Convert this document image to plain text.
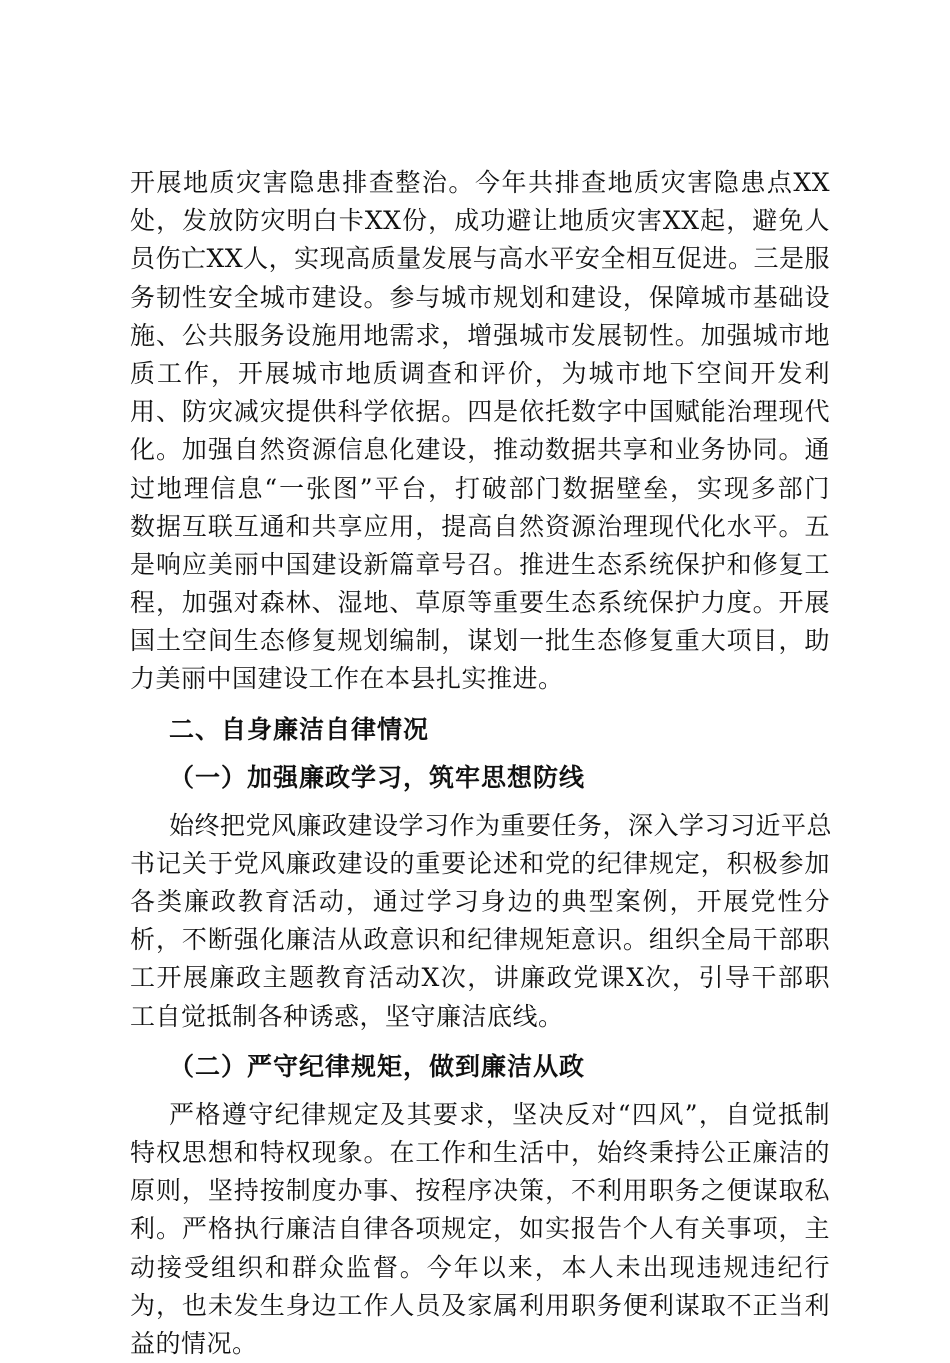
开展地质灾害隐患排查整治。今年共排查地质灾害隐患点XX
处，发放防灾明白卡XX份，成功避让地质灾害XX起，避免人
员伤亡XX人，实现高质量发展与高水平安全相互促进。三是服
务韧性安全城市建设。参与城市规划和建设，保障城市基础设
施、公共服务设施用地需求，增强城市发展韧性。加强城市地
质工作，开展城市地质调查和评价，为城市地下空间开发利
用、防灾减灾提供科学依据。四是依托数字中国赋能治理现代
化。加强自然资源信息化建设，推动数据共享和业务协同。通
过地理信息“一张图”平台，打破部门数据壁垒，实现多部门
数据互联互通和共享应用，提高自然资源治理现代化水平。五
是响应美丽中国建设新篇章号召。推进生态系统保护和修复工
程，加强对森林、湿地、草原等重要生态系统保护力度。开展
国土空间生态修复规划编制，谋划一批生态修复重大项目，助
力美丽中国建设工作在本县扎实推进。
二、自身廉洁自律情况
（一）加强廉政学习，筑牢思想防线
始终把党风廉政建设学习作为重要任务，深入学习习近平总
书记关于党风廉政建设的重要论述和党的纪律规定，积极参加
各类廉政教育活动，通过学习身边的典型案例，开展党性分
析，不断强化廉洁从政意识和纪律规矩意识。组织全局干部职
工开展廉政主题教育活动X次，讲廉政党课X次，引导干部职
工自觉抵制各种诱惑，坚守廉洁底线。
（二）严守纪律规矩，做到廉洁从政
严格遵守纪律规定及其要求，坚决反对“四风”，自觉抵制
特权思想和特权现象。在工作和生活中，始终秉持公正廉洁的
原则，坚持按制度办事、按程序决策，不利用职务之便谋取私
利。严格执行廉洁自律各项规定，如实报告个人有关事项，主
动接受组织和群众监督。今年以来，本人未出现违规违纪行
为，也未发生身边工作人员及家属利用职务便利谋取不正当利
益的情况。
